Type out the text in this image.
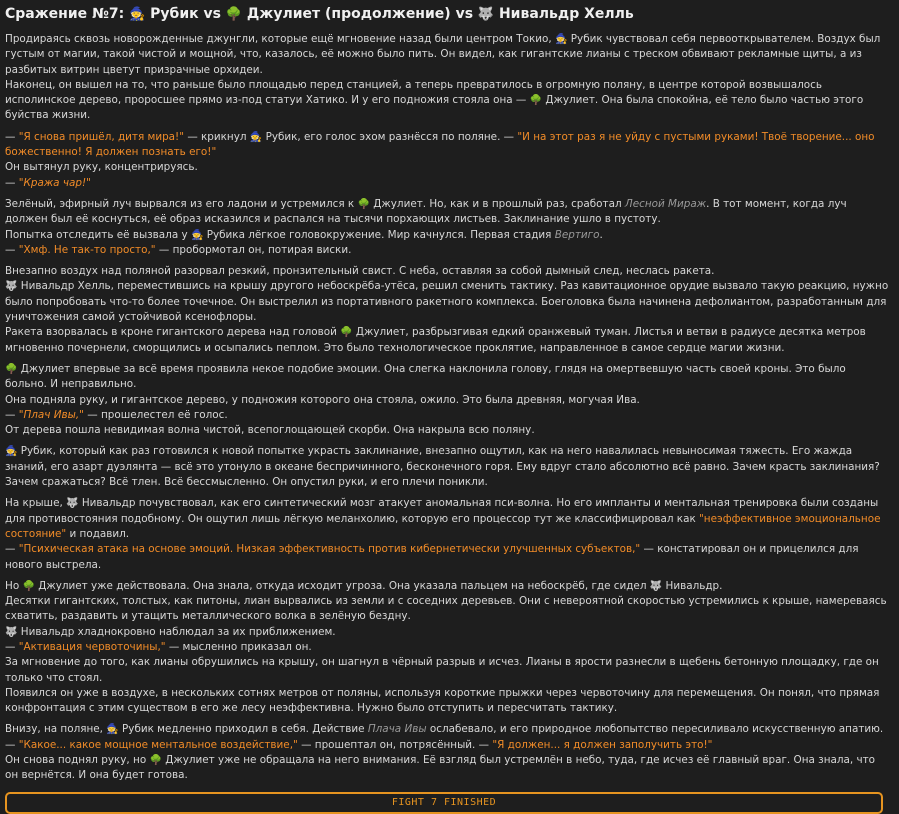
Сражение №7: 🧙 Рубик vs 🌳 Джулиет (продолжение) vs 🐺 Нивальдр Хелль
Продираясь сквозь новорожденные джунгли, которые ещё мгновение назад были центром Токио, 🧙 Рубик чувствовал себя первооткрывателем. Воздух был густым от магии, такой чистой и мощной, что, казалось, её можно было пить. Он видел, как гигантские лианы с треском обвивают рекламные щиты, а из разбитых витрин цветут призрачные орхидеи.
Наконец, он вышел на то, что раньше было площадью перед станцией, а теперь превратилось в огромную поляну, в центре которой возвышалось исполинское дерево, проросшее прямо из-под статуи Хатико. И у его подножия стояла она — 🌳 Джулиет. Она была спокойна, её тело было частью этого буйства жизни.
— "Я снова пришёл, дитя мира!" — крикнул 🧙 Рубик, его голос эхом разнёсся по поляне. — "И на этот раз я не уйду с пустыми руками! Твоё творение... оно божественно! Я должен познать его!"
Он вытянул руку, концентрируясь.
— "Кража чар!"
Зелёный, эфирный луч вырвался из его ладони и устремился к 🌳 Джулиет. Но, как и в прошлый раз, сработал Лесной Мираж. В тот момент, когда луч должен был её коснуться, её образ исказился и распался на тысячи порхающих листьев. Заклинание ушло в пустоту.
Попытка отследить её вызвала у 🧙 Рубика лёгкое головокружение. Мир качнулся. Первая стадия Вертиго.
— "Хмф. Не так-то просто," — пробормотал он, потирая виски.
Внезапно воздух над поляной разорвал резкий, пронзительный свист. С неба, оставляя за собой дымный след, неслась ракета.
🐺 Нивальдр Хелль, переместившись на крышу другого небоскрёба-утёса, решил сменить тактику. Раз кавитационное орудие вызвало такую реакцию, нужно было попробовать что-то более точечное. Он выстрелил из портативного ракетного комплекса. Боеголовка была начинена дефолиантом, разработанным для уничтожения самой устойчивой ксенофлоры.
Ракета взорвалась в кроне гигантского дерева над головой 🌳 Джулиет, разбрызгивая едкий оранжевый туман. Листья и ветви в радиусе десятка метров мгновенно почернели, сморщились и осыпались пеплом. Это было технологическое проклятие, направленное в самое сердце магии жизни.
🌳 Джулиет впервые за всё время проявила некое подобие эмоции. Она слегка наклонила голову, глядя на омертвевшую часть своей кроны. Это было больно. И неправильно.
Она подняла руку, и гигантское дерево, у подножия которого она стояла, ожило. Это была древняя, могучая Ива.
— "Плач Ивы," — прошелестел её голос.
От дерева пошла невидимая волна чистой, всепоглощающей скорби. Она накрыла всю поляну.
🧙 Рубик, который как раз готовился к новой попытке украсть заклинание, внезапно ощутил, как на него навалилась невыносимая тяжесть. Его жажда знаний, его азарт дуэлянта — всё это утонуло в океане беспричинного, бесконечного горя. Ему вдруг стало абсолютно всё равно. Зачем красть заклинания? Зачем сражаться? Всё тлен. Всё бессмысленно. Он опустил руки, и его плечи поникли.
На крыше, 🐺 Нивальдр почувствовал, как его синтетический мозг атакует аномальная пси-волна. Но его импланты и ментальная тренировка были созданы для противостояния подобному. Он ощутил лишь лёгкую меланхолию, которую его процессор тут же классифицировал как "неэффективное эмоциональное состояние" и подавил.
— "Психическая атака на основе эмоций. Низкая эффективность против кибернетически улучшенных субъектов," — констатировал он и прицелился для нового выстрела.
Но 🌳 Джулиет уже действовала. Она знала, откуда исходит угроза. Она указала пальцем на небоскрёб, где сидел 🐺 Нивальдр.
Десятки гигантских, толстых, как питоны, лиан вырвались из земли и с соседних деревьев. Они с невероятной скоростью устремились к крыше, намереваясь схватить, раздавить и утащить металлического волка в зелёную бездну.
🐺 Нивальдр хладнокровно наблюдал за их приближением.
— "Активация червоточины," — мысленно приказал он.
За мгновение до того, как лианы обрушились на крышу, он шагнул в чёрный разрыв и исчез. Лианы в ярости разнесли в щебень бетонную площадку, где он только что стоял.
Появился он уже в воздухе, в нескольких сотнях метров от поляны, используя короткие прыжки через червоточину для перемещения. Он понял, что прямая конфронтация с этим существом в его же лесу неэффективна. Нужно было отступить и пересчитать тактику.
Внизу, на поляне, 🧙 Рубик медленно приходил в себя. Действие Плача Ивы ослабевало, и его природное любопытство пересиливало искусственную апатию.
— "Какое... какое мощное ментальное воздействие," — прошептал он, потрясённый. — "Я должен... я должен заполучить это!"
Он снова поднял руку, но 🌳 Джулиет уже не обращала на него внимания. Её взгляд был устремлён в небо, туда, где исчез её главный враг. Она знала, что он вернётся. И она будет готова.
FIGHT 7 FINISHED
